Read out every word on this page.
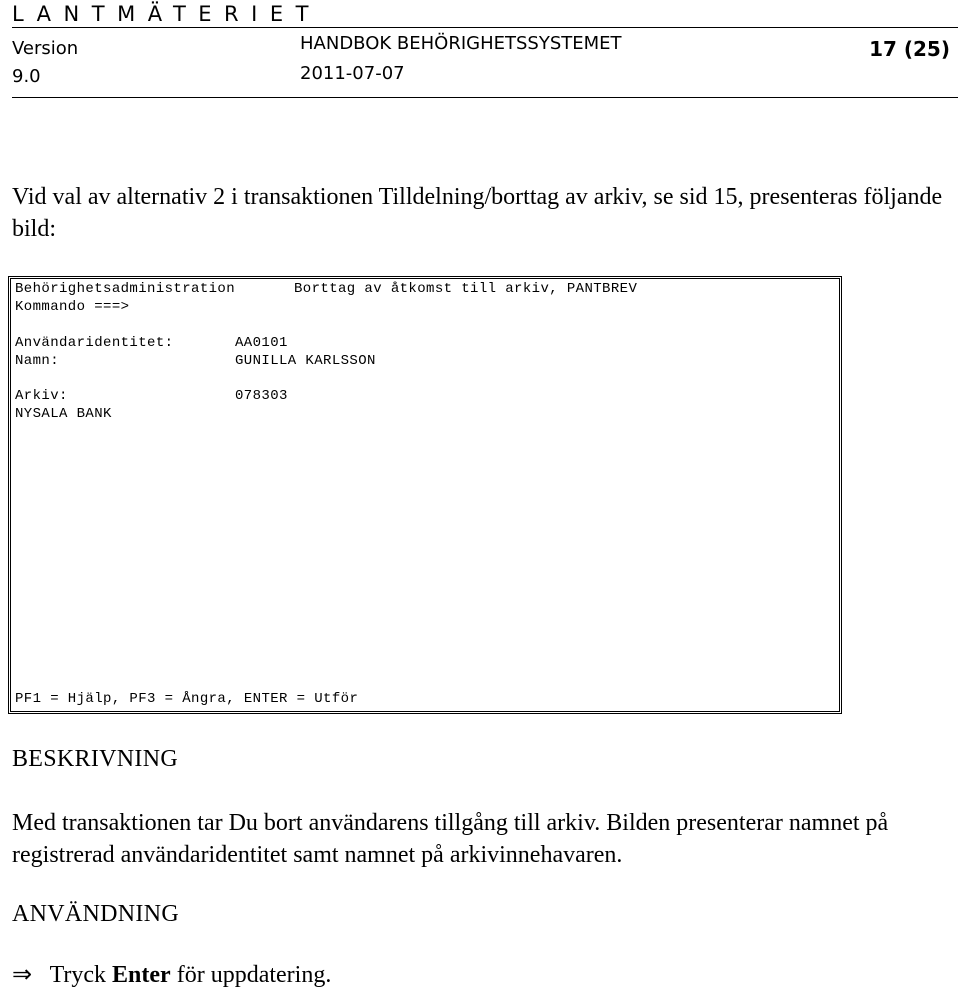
LANTMÄTERIET
Version
9.0
HANDBOK BEHÖRIGHETSSYSTEMET
2011-07-07
17 (25)
Vid val av alternativ 2 i transaktionen Tilldelning/borttag av arkiv, se sid 15, presenteras följande bild:
Behörighetsadministration	Borttag av åtkomst till arkiv, PANTBREV
Kommando ===>
Användaridentitet:	AA0101
Namn:	GUNILLA KARLSSON
Arkiv:	078303
NYSALA BANK
PF1 = Hjälp, PF3 = Ångra, ENTER = Utför
BESKRIVNING
Med transaktionen tar Du bort användarens tillgång till arkiv. Bilden presenterar namnet på registrerad användaridentitet samt namnet på arkivinnehavaren.
ANVÄNDNING
⇒ Tryck Enter för uppdatering.
